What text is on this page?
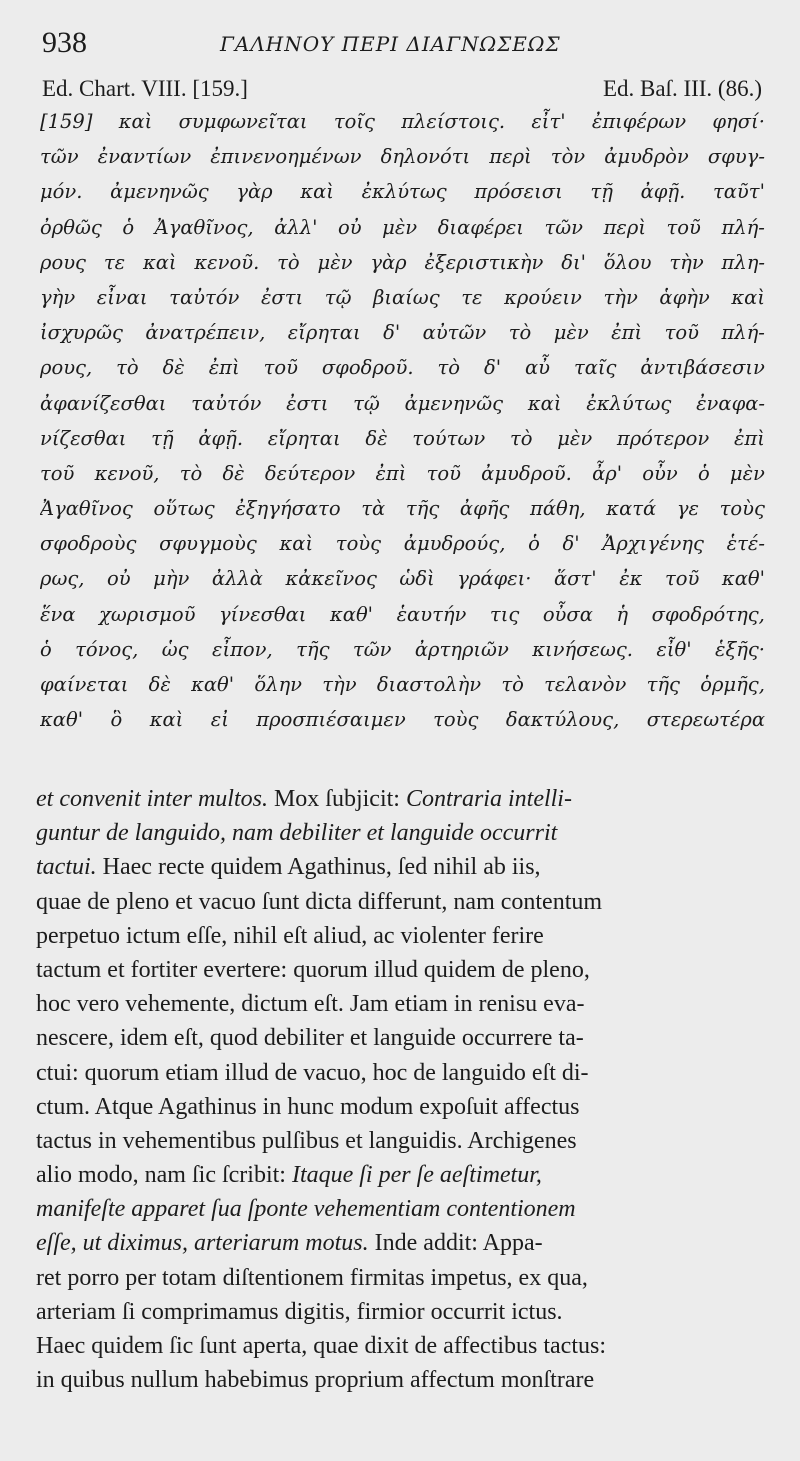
938	ΓΑΛΗΝΟΥ ΠΕΡΙ ΔΙΑΓΝΩΣΕΩΣ
Ed. Chart. VIII. [159.]	Ed. Baſ. III. (86.)
[159] καὶ συμφωνεῖται τοῖς πλείστοις. εἶτ' ἐπιφέρων φησί·
τῶν ἐναντίων ἐπινενοημένων δηλονότι περὶ τὸν ἀμυδρὸν σφυγ-
μόν. ἀμενηνῶς γὰρ καὶ ἐκλύτως πρόσεισι τῇ ἀφῇ. ταῦτ'
ὀρθῶς ὁ Ἀγαθῖνος, ἀλλ' οὐ μὲν διαφέρει τῶν περὶ τοῦ πλή-
ρους τε καὶ κενοῦ. τὸ μὲν γὰρ ἐξεριστικὴν δι' ὅλου τὴν πλη-
γὴν εἶναι ταὐτόν ἐστι τῷ βιαίως τε κρούειν τὴν ἁφὴν καὶ
ἰσχυρῶς ἀνατρέπειν, εἴρηται δ' αὐτῶν τὸ μὲν ἐπὶ τοῦ πλή-
ρους, τὸ δὲ ἐπὶ τοῦ σφοδροῦ. τὸ δ' αὖ ταῖς ἀντιβάσεσιν
ἀφανίζεσθαι ταὐτόν ἐστι τῷ ἀμενηνῶς καὶ ἐκλύτως ἐναφα-
νίζεσθαι τῇ ἀφῇ. εἴρηται δὲ τούτων τὸ μὲν πρότερον ἐπὶ
τοῦ κενοῦ, τὸ δὲ δεύτερον ἐπὶ τοῦ ἀμυδροῦ. ἆρ' οὖν ὁ μὲν
Ἀγαθῖνος οὕτως ἐξηγήσατο τὰ τῆς ἀφῆς πάθη, κατά γε τοὺς
σφοδροὺς σφυγμοὺς καὶ τοὺς ἀμυδρούς, ὁ δ' Ἀρχιγένης ἑτέ-
ρως, οὐ μὴν ἀλλὰ κἀκεῖνος ὡδὶ γράφει· ἅστ' ἐκ τοῦ καθ'
ἕνα χωρισμοῦ γίνεσθαι καθ' ἑαυτήν τις οὖσα ἡ σφοδρότης,
ὁ τόνος, ὡς εἶπον, τῆς τῶν ἀρτηριῶν κινήσεως. εἶθ' ἑξῆς·
φαίνεται δὲ καθ' ὅλην τὴν διαστολὴν τὸ τελανὸν τῆς ὁρμῆς,
καθ' ὃ καὶ εἰ προσπιέσαιμεν τοὺς δακτύλους, στερεωτέρα
et convenit inter multos. Mox ſubjicit: Contraria intelli-
guntur de languido, nam debiliter et languide occurrit
tactui. Haec recte quidem Agathinus, ſed nihil ab iis,
quae de pleno et vacuo ſunt dicta differunt, nam contentum
perpetuo ictum eſſe, nihil eſt aliud, ac violenter ferire
tactum et fortiter evertere: quorum illud quidem de pleno,
hoc vero vehemente, dictum eſt. Jam etiam in renisu eva-
nescere, idem eſt, quod debiliter et languide occurrere ta-
ctui: quorum etiam illud de vacuo, hoc de languido eſt di-
ctum. Atque Agathinus in hunc modum expoſuit affectus
tactus in vehementibus pulſibus et languidis. Archigenes
alio modo, nam ſic ſcribit: Itaque ſi per ſe aeſtimetur,
manifeſte apparet ſua ſponte vehementiam contentionem
eſſe, ut diximus, arteriarum motus. Inde addit: Appa-
ret porro per totam diſtentionem firmitas impetus, ex qua,
arteriam ſi comprimamus digitis, firmior occurrit ictus.
Haec quidem ſic ſunt aperta, quae dixit de affectibus tactus:
in quibus nullum habebimus proprium affectum monſtrare
